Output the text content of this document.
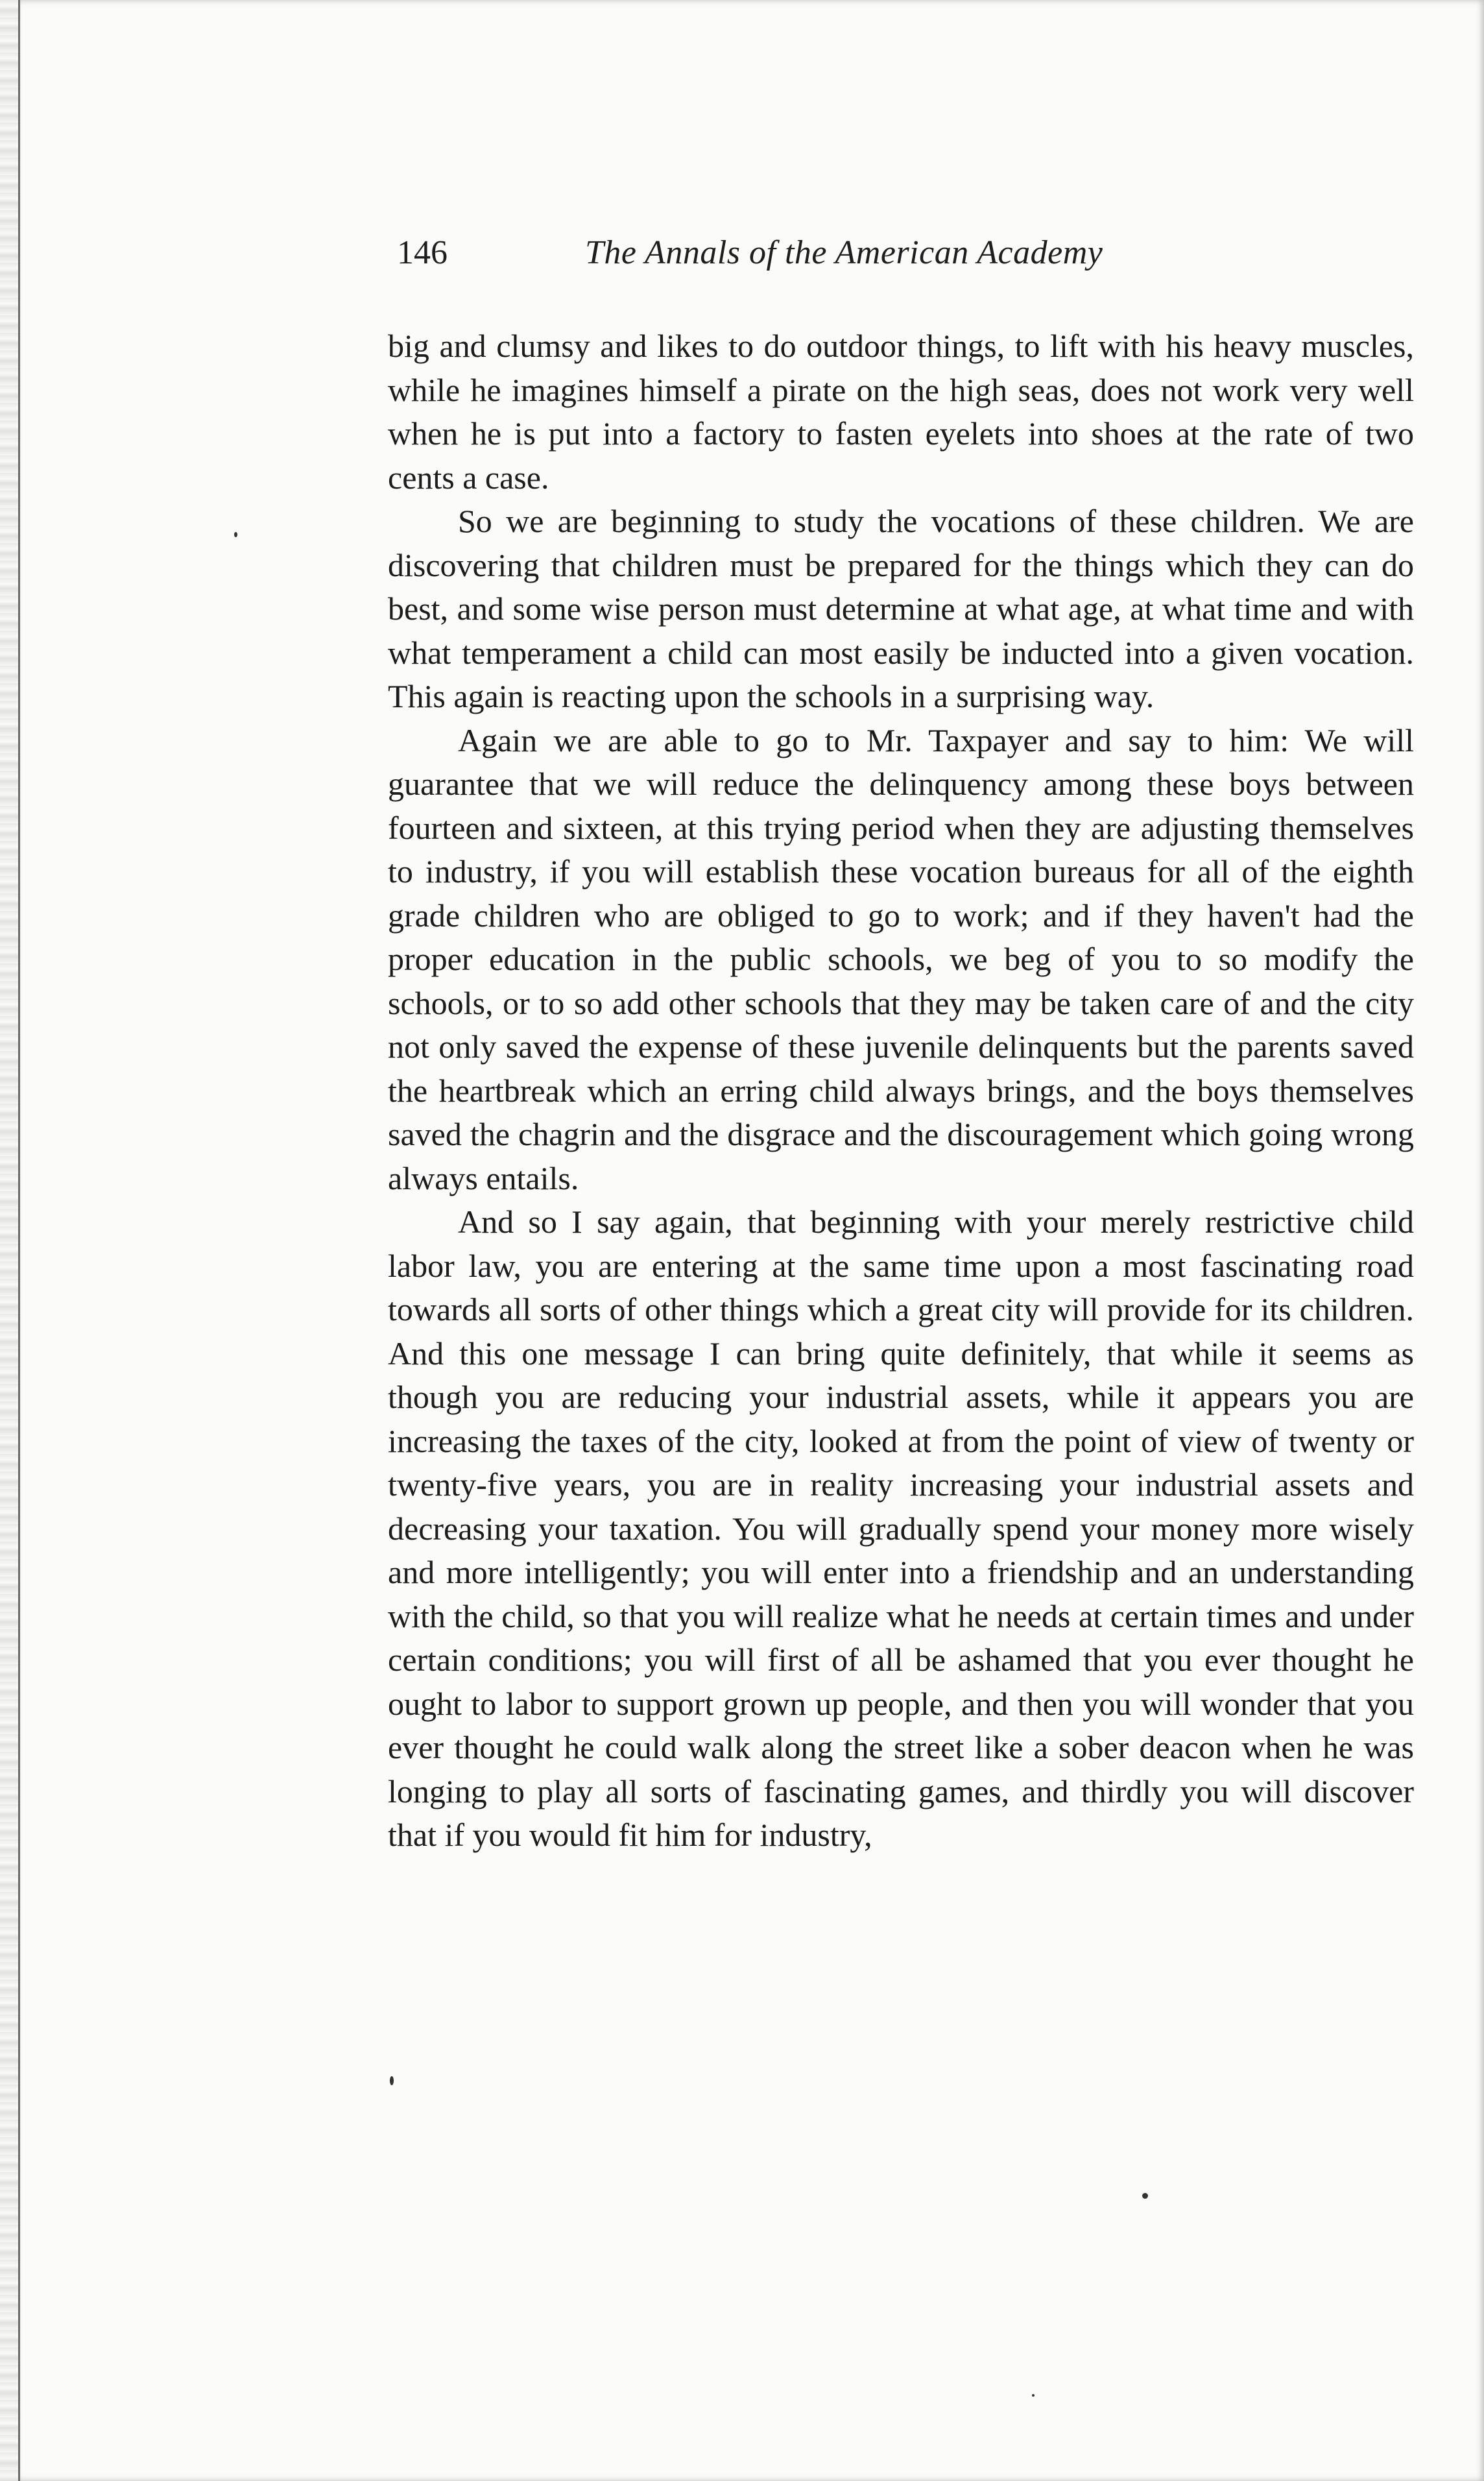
146	The Annals of the American Academy

big and clumsy and likes to do outdoor things, to lift with his heavy muscles, while he imagines himself a pirate on the high seas, does not work very well when he is put into a factory to fasten eyelets into shoes at the rate of two cents a case.

So we are beginning to study the vocations of these children. We are discovering that children must be prepared for the things which they can do best, and some wise person must determine at what age, at what time and with what temperament a child can most easily be inducted into a given vocation. This again is reacting upon the schools in a surprising way.

Again we are able to go to Mr. Taxpayer and say to him: We will guarantee that we will reduce the delinquency among these boys between fourteen and sixteen, at this trying period when they are adjusting themselves to industry, if you will establish these vocation bureaus for all of the eighth grade children who are obliged to go to work; and if they haven't had the proper education in the public schools, we beg of you to so modify the schools, or to so add other schools that they may be taken care of and the city not only saved the expense of these juvenile delinquents but the parents saved the heartbreak which an erring child always brings, and the boys themselves saved the chagrin and the disgrace and the discouragement which going wrong always entails.

And so I say again, that beginning with your merely restrictive child labor law, you are entering at the same time upon a most fascinating road towards all sorts of other things which a great city will provide for its children. And this one message I can bring quite definitely, that while it seems as though you are reducing your industrial assets, while it appears you are increasing the taxes of the city, looked at from the point of view of twenty or twenty-five years, you are in reality increasing your industrial assets and decreasing your taxation. You will gradually spend your money more wisely and more intelligently; you will enter into a friendship and an understanding with the child, so that you will realize what he needs at certain times and under certain conditions; you will first of all be ashamed that you ever thought he ought to labor to support grown up people, and then you will wonder that you ever thought he could walk along the street like a sober deacon when he was longing to play all sorts of fascinating games, and thirdly you will discover that if you would fit him for industry,
